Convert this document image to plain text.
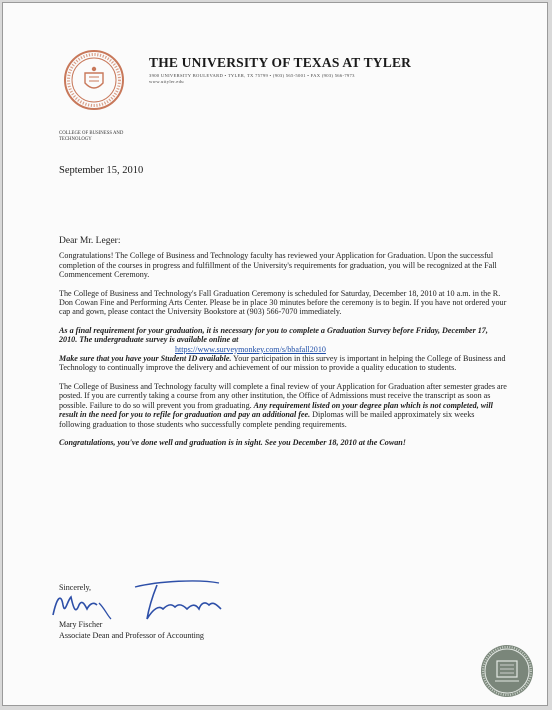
THE UNIVERSITY OF TEXAS AT TYLER
3900 UNIVERSITY BOULEVARD • TYLER, TX 75799 • (903) 565-5001 • FAX (903) 566-7973
www.uttyler.edu
COLLEGE OF BUSINESS AND TECHNOLOGY
September 15, 2010

Dear Mr. Leger:

Congratulations! The College of Business and Technology faculty has reviewed your Application for Graduation. Upon the successful completion of the courses in progress and fulfillment of the University's requirements for graduation, you will be recognized at the Fall Commencement Ceremony.

The College of Business and Technology's Fall Graduation Ceremony is scheduled for Saturday, December 18, 2010 at 10 a.m. in the R. Don Cowan Fine and Performing Arts Center. Please be in place 30 minutes before the ceremony is to begin. If you have not ordered your cap and gown, please contact the University Bookstore at (903) 566-7070 immediately.

As a final requirement for your graduation, it is necessary for you to complete a Graduation Survey before Friday, December 17, 2010. The undergraduate survey is available online at
https://www.surveymonkey.com/s/bbafall2010

Make sure that you have your Student ID available. Your participation in this survey is important in helping the College of Business and Technology to continually improve the delivery and achievement of our mission to provide a quality education to students.

The College of Business and Technology faculty will complete a final review of your Application for Graduation after semester grades are posted. If you are currently taking a course from any other institution, the Office of Admissions must receive the transcript as soon as possible. Failure to do so will prevent you from graduating. Any requirement listed on your degree plan which is not completed, will result in the need for you to refile for graduation and pay an additional fee. Diplomas will be mailed approximately six weeks following graduation to those students who successfully complete pending requirements.

Congratulations, you've done well and graduation is in sight. See you December 18, 2010 at the Cowan!

Sincerely,
Mary Fischer
Associate Dean and Professor of Accounting
